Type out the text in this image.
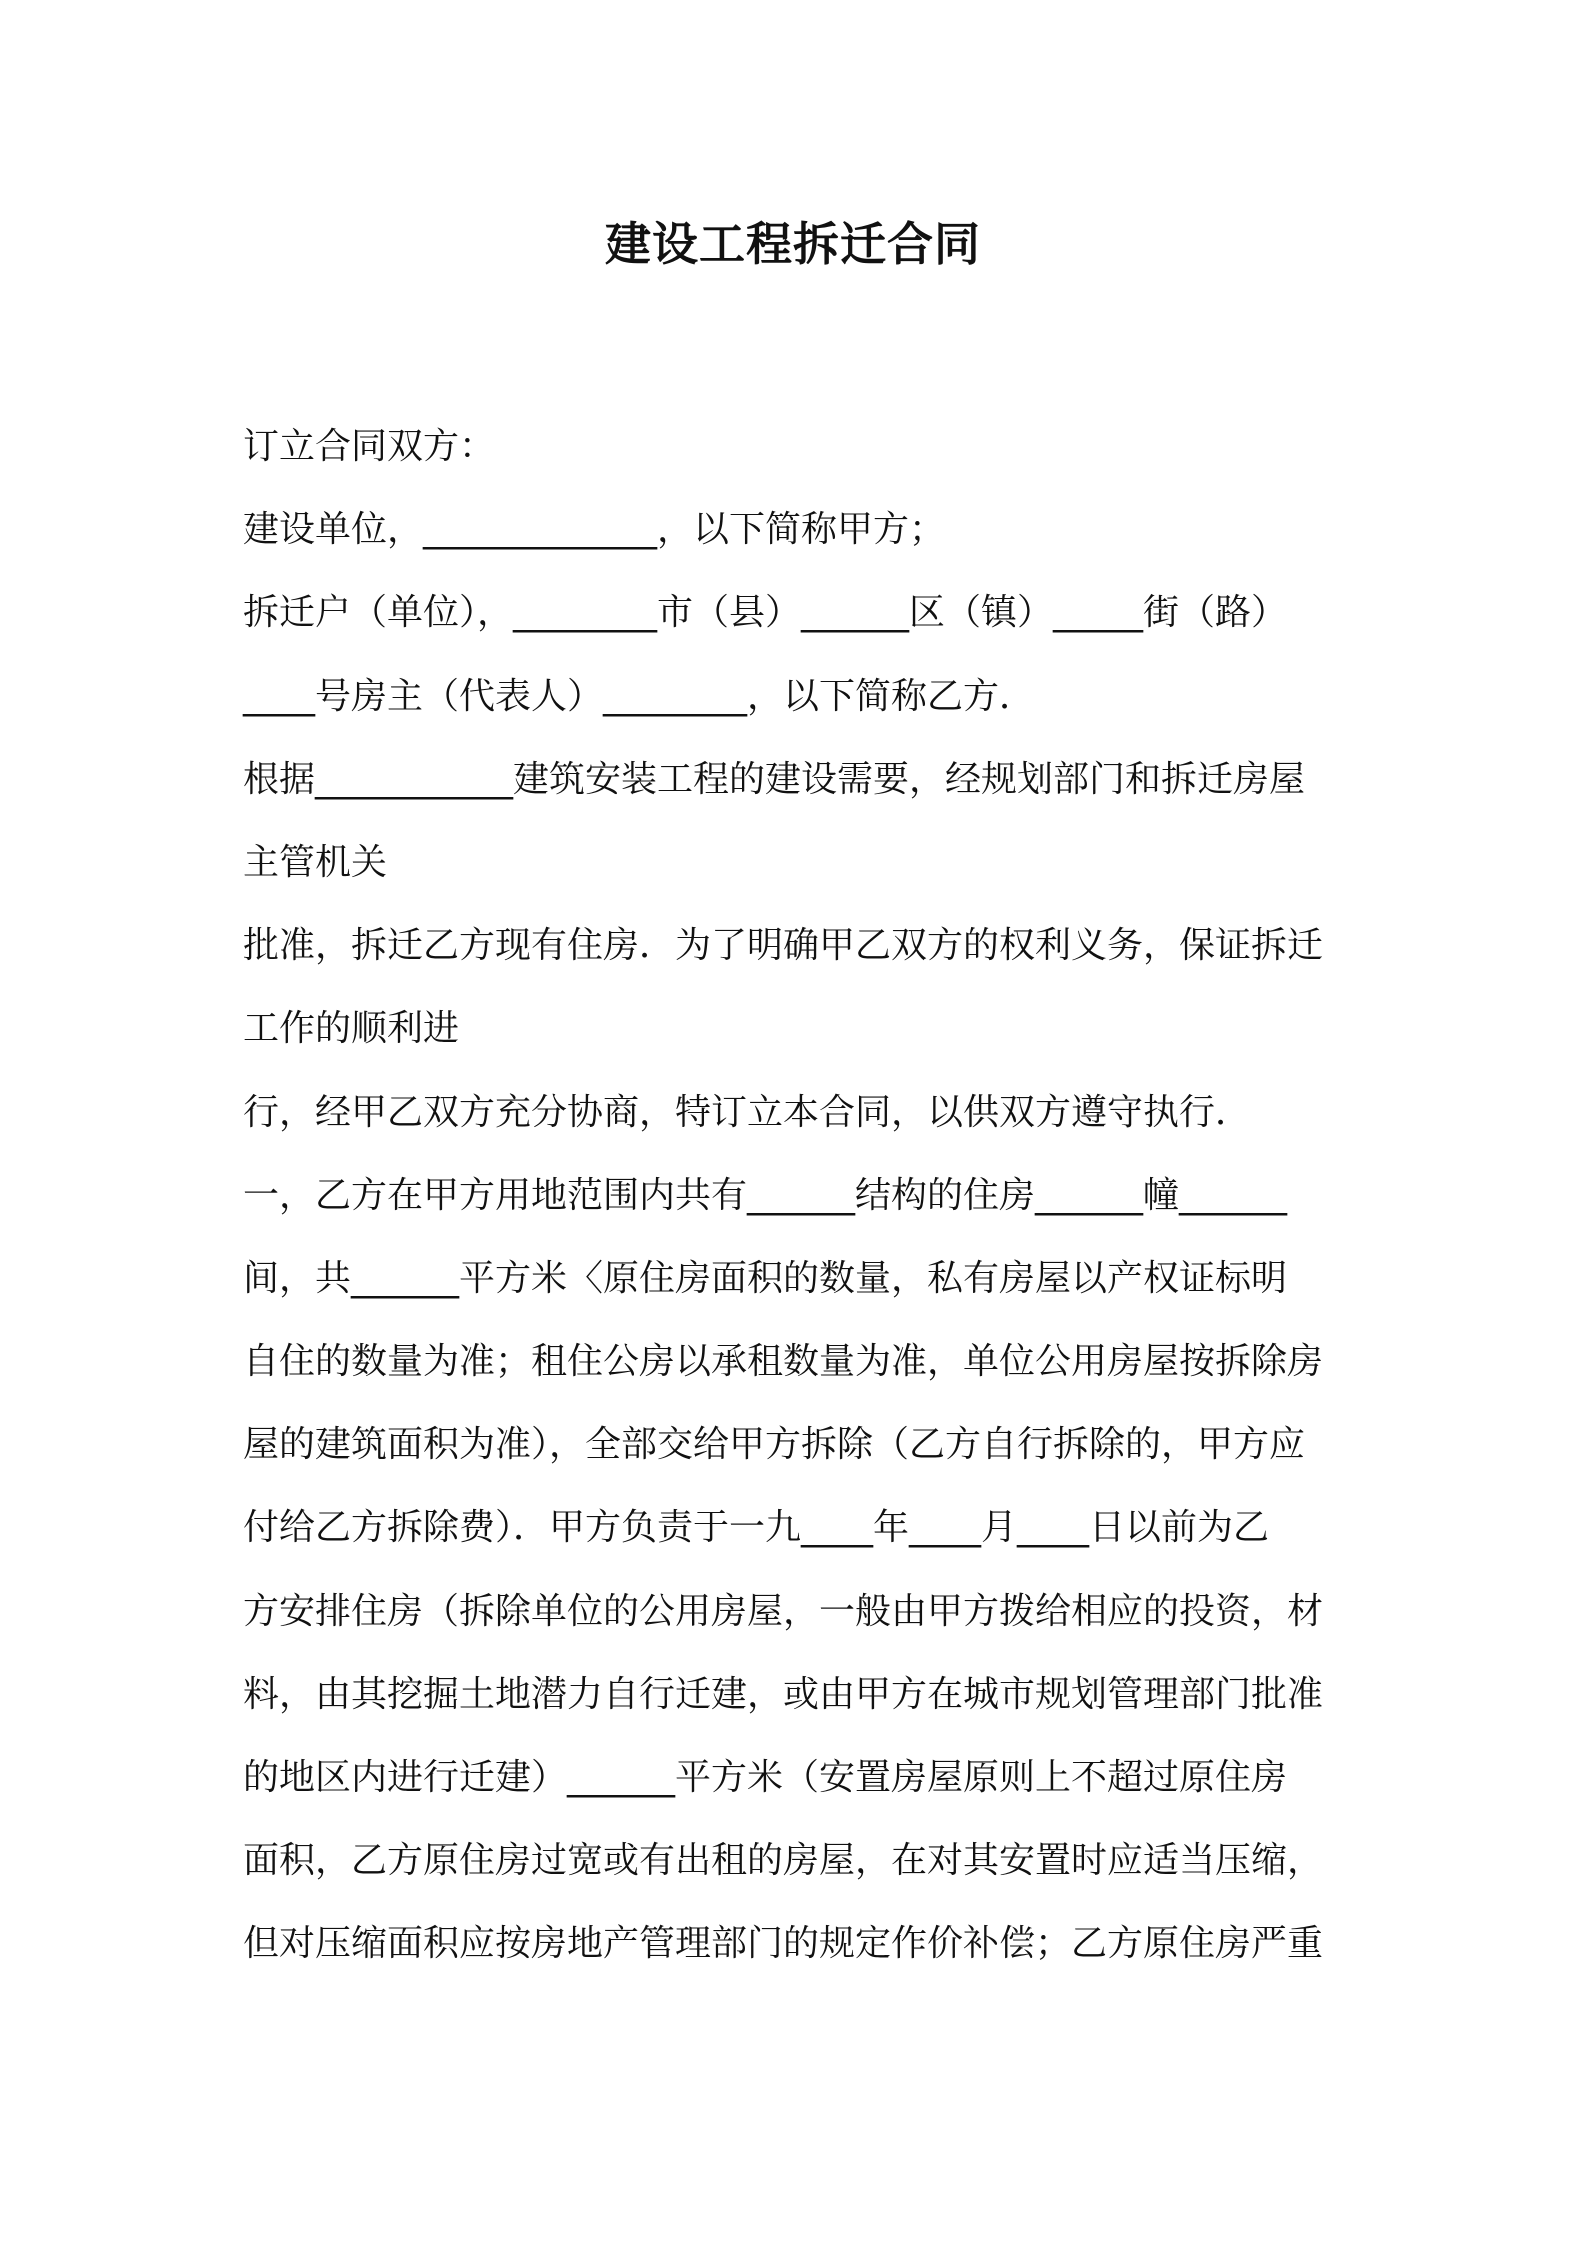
建设工程拆迁合同
订立合同双方：
建设单位，_____________，以下简称甲方；
拆迁户（单位），________市（县）______区（镇）_____街（路）
____号房主（代表人）________，以下简称乙方．
根据___________建筑安装工程的建设需要，经规划部门和拆迁房屋
主管机关
批准，拆迁乙方现有住房．为了明确甲乙双方的权利义务，保证拆迁
工作的顺利进
行，经甲乙双方充分协商，特订立本合同，以供双方遵守执行．
一，乙方在甲方用地范围内共有______结构的住房______幢______
间，共______平方米〈原住房面积的数量，私有房屋以产权证标明
自住的数量为准；租住公房以承租数量为准，单位公用房屋按拆除房
屋的建筑面积为准），全部交给甲方拆除（乙方自行拆除的，甲方应
付给乙方拆除费）．甲方负责于一九____年____月____日以前为乙
方安排住房（拆除单位的公用房屋，一般由甲方拨给相应的投资，材
料，由其挖掘土地潜力自行迁建，或由甲方在城市规划管理部门批准
的地区内进行迁建）______平方米（安置房屋原则上不超过原住房
面积，乙方原住房过宽或有出租的房屋，在对其安置时应适当压缩，
但对压缩面积应按房地产管理部门的规定作价补偿；乙方原住房严重
